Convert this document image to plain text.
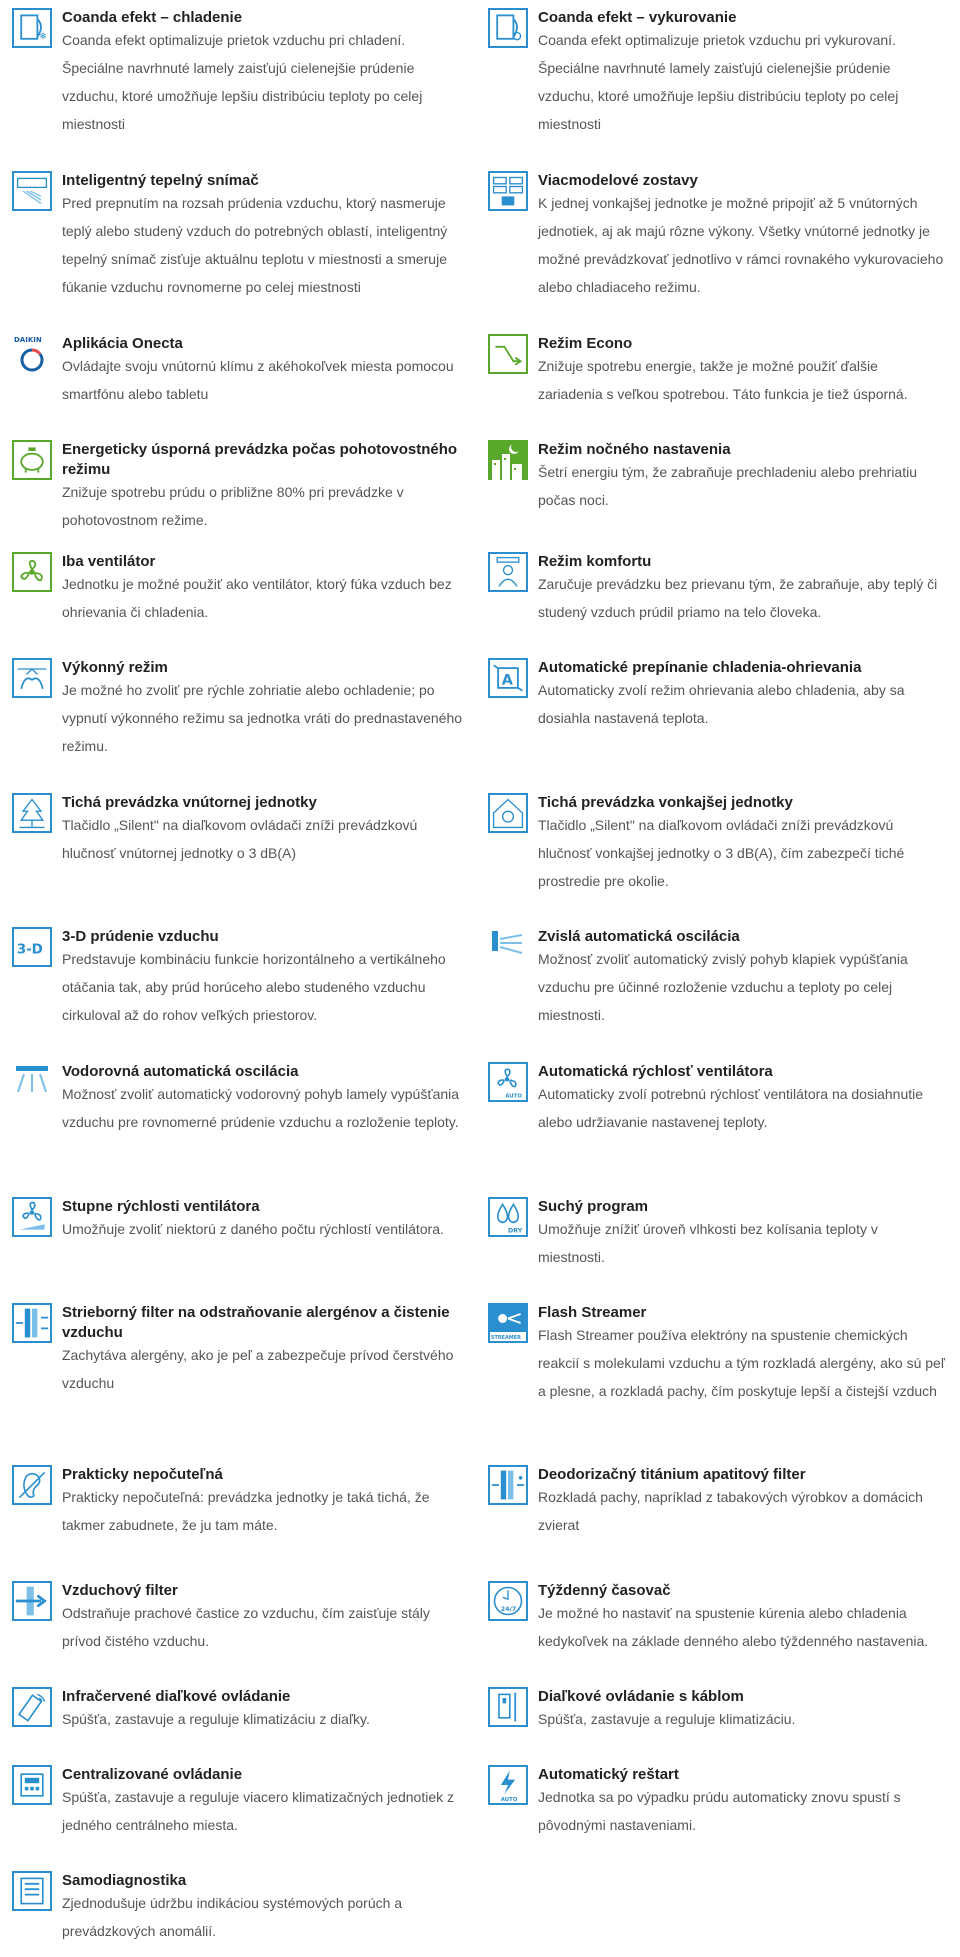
❄
Coanda efekt – chladenie
Coanda efekt optimalizuje prietok vzduchu pri chladení. Špeciálne navrhnuté lamely zaisťujú cielenejšie prúdenie vzduchu, ktoré umožňuje lepšiu distribúciu teploty po celej miestnosti
Coanda efekt – vykurovanie
Coanda efekt optimalizuje prietok vzduchu pri vykurovaní. Špeciálne navrhnuté lamely zaisťujú cielenejšie prúdenie vzduchu, ktoré umožňuje lepšiu distribúciu teploty po celej miestnosti
Inteligentný tepelný snímač
Pred prepnutím na rozsah prúdenia vzduchu, ktorý nasmeruje teplý alebo studený vzduch do potrebných oblastí, inteligentný tepelný snímač zisťuje aktuálnu teplotu v miestnosti a smeruje fúkanie vzduchu rovnomerne po celej miestnosti
Viacmodelové zostavy
K jednej vonkajšej jednotke je možné pripojiť až 5 vnútorných jednotiek, aj ak majú rôzne výkony. Všetky vnútorné jednotky je možné prevádzkovať jednotlivo v rámci rovnakého vykurovacieho alebo chladiaceho režimu.
DAIKIN Aplikácia Onecta
Ovládajte svoju vnútornú klímu z akéhokoľvek miesta pomocou smartfónu alebo tabletu
Režim Econo
Znižuje spotrebu energie, takže je možné použiť ďalšie zariadenia s veľkou spotrebou. Táto funkcia je tiež úsporná.
Energeticky úsporná prevádzka počas pohotovostného režimu
Znižuje spotrebu prúdu o približne 80% pri prevádzke v pohotovostnom režime.
Režim nočného nastavenia
Šetrí energiu tým, že zabraňuje prechladeniu alebo prehriatiu počas noci.
Iba ventilátor
Jednotku je možné použiť ako ventilátor, ktorý fúka vzduch bez ohrievania či chladenia.
Režim komfortu
Zaručuje prevádzku bez prievanu tým, že zabraňuje, aby teplý či studený vzduch prúdil priamo na telo človeka.
Výkonný režim
Je možné ho zvoliť pre rýchle zohriatie alebo ochladenie; po vypnutí výkonného režimu sa jednotka vráti do prednastaveného režimu.
A
Automatické prepínanie chladenia-ohrievania
Automaticky zvolí režim ohrievania alebo chladenia, aby sa dosiahla nastavená teplota.
Tichá prevádzka vnútornej jednotky
Tlačidlo „Silent" na diaľkovom ovládači zníži prevádzkovú hlučnosť vnútornej jednotky o 3 dB(A)
Tichá prevádzka vonkajšej jednotky
Tlačidlo „Silent" na diaľkovom ovládači zníži prevádzkovú hlučnosť vonkajšej jednotky o 3 dB(A), čím zabezpečí tiché prostredie pre okolie.
3-D
3-D prúdenie vzduchu
Predstavuje kombináciu funkcie horizontálneho a vertikálneho otáčania tak, aby prúd horúceho alebo studeného vzduchu cirkuloval až do rohov veľkých priestorov.
Zvislá automatická oscilácia
Možnosť zvoliť automatický zvislý pohyb klapiek vypúšťania vzduchu pre účinné rozloženie vzduchu a teploty po celej miestnosti.
Vodorovná automatická oscilácia
Možnosť zvoliť automatický vodorovný pohyb lamely vypúšťania vzduchu pre rovnomerné prúdenie vzduchu a rozloženie teploty.
AUTO
Automatická rýchlosť ventilátora
Automaticky zvolí potrebnú rýchlosť ventilátora na dosiahnutie alebo udržiavanie nastavenej teploty.
Stupne rýchlosti ventilátora
Umožňuje zvoliť niektorú z daného počtu rýchlostí ventilátora.	DRY
Suchý program
Umožňuje znížiť úroveň vlhkosti bez kolísania teploty v miestnosti.
Strieborný filter na odstraňovanie alergénov a čistenie vzduchu
Zachytáva alergény, ako je peľ a zabezpečuje prívod čerstvého vzduchu
STREAMER
Flash Streamer
Flash Streamer používa elektróny na spustenie chemických reakcií s molekulami vzduchu a tým rozkladá alergény, ako sú peľ a plesne, a rozkladá pachy, čím poskytuje lepší a čistejší vzduch
Prakticky nepočuteľná
Prakticky nepočuteľná: prevádzka jednotky je taká tichá, že takmer zabudnete, že ju tam máte.
Deodorizačný titánium apatitový filter
Rozkladá pachy, napríklad z tabakových výrobkov a domácich zvierat
Vzduchový filter
Odstraňuje prachové častice zo vzduchu, čím zaisťuje stály prívod čistého vzduchu.
24/7
Týždenný časovač
Je možné ho nastaviť na spustenie kúrenia alebo chladenia kedykoľvek na základe denného alebo týždenného nastavenia.
Infračervené diaľkové ovládanie
Spúšťa, zastavuje a reguluje klimatizáciu z diaľky.
Diaľkové ovládanie s káblom
Spúšťa, zastavuje a reguluje klimatizáciu.
Centralizované ovládanie
Spúšťa, zastavuje a reguluje viacero klimatizačných jednotiek z jedného centrálneho miesta.
AUTO
Automatický reštart
Jednotka sa po výpadku prúdu automaticky znovu spustí s pôvodnými nastaveniami.
Samodiagnostika
Zjednodušuje údržbu indikáciou systémových porúch a prevádzkových anomálií.
